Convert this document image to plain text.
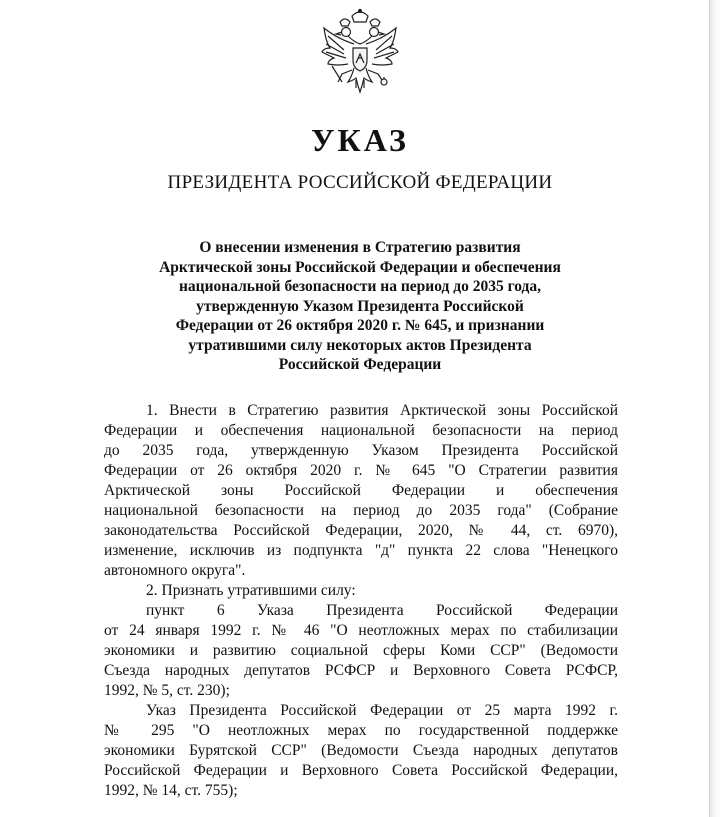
УКАЗ
ПРЕЗИДЕНТА РОССИЙСКОЙ ФЕДЕРАЦИИ
О внесении изменения в Стратегию развития
Арктической зоны Российской Федерации и обеспечения
национальной безопасности на период до 2035 года,
утвержденную Указом Президента Российской
Федерации от 26 октября 2020 г. № 645, и признании
утратившими силу некоторых актов Президента
Российской Федерации
1. Внести в Стратегию развития Арктической зоны Российской
Федерации и обеспечения национальной безопасности на период
до 2035 года, утвержденную Указом Президента Российской
Федерации от 26 октября 2020 г. № 645 "О Стратегии развития
Арктической зоны Российской Федерации и обеспечения
национальной безопасности на период до 2035 года" (Собрание
законодательства Российской Федерации, 2020, № 44, ст. 6970),
изменение, исключив из подпункта "д" пункта 22 слова "Ненецкого
автономного округа".
2. Признать утратившими силу:
пункт 6 Указа Президента Российской Федерации
от 24 января 1992 г. № 46 "О неотложных мерах по стабилизации
экономики и развитию социальной сферы Коми ССР" (Ведомости
Съезда народных депутатов РСФСР и Верховного Совета РСФСР,
1992, № 5, ст. 230);
Указ Президента Российской Федерации от 25 марта 1992 г.
№ 295 "О неотложных мерах по государственной поддержке
экономики Бурятской ССР" (Ведомости Съезда народных депутатов
Российской Федерации и Верховного Совета Российской Федерации,
1992, № 14, ст. 755);
